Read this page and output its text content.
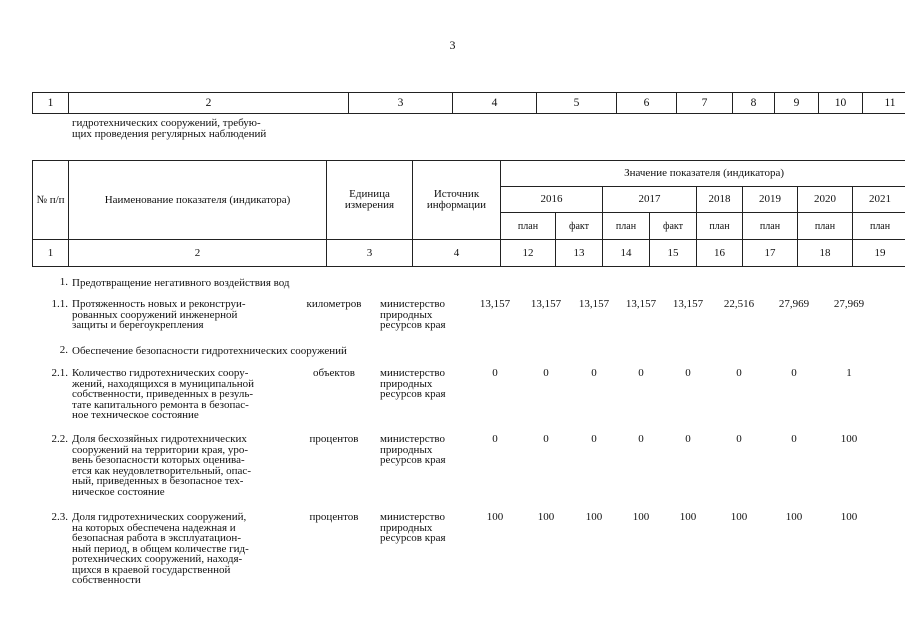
3
1	2	3	4	5	6	7	8	9	10	11
гидротехнических сооружений, требую-
щих проведения регулярных наблюдений
№ п/п	Наименование показателя (индикатора)	Единица измерения	Источник информации	Значение показателя (индикатора)							
				2016		2017		2018	2019	2020	2021
				план	факт	план	факт	план	план	план	план
1	2	3	4	12	13	14	15	16	17	18	19
1. Предотвращение негативного воздействия вод
1.1. Протяженность новых и реконструи-
рованных сооружений инженерной
защиты и берегоукрепления
километров	министерство
природных
ресурсов края
13,157	13,157	13,157	13,157	13,157	22,516	27,969	27,969
2. Обеспечение безопасности гидротехнических сооружений
2.1. Количество гидротехнических соору-
жений, находящихся в муниципальной
собственности, приведенных в резуль-
тате капитального ремонта в безопас-
ное техническое состояние
объектов	министерство
природных
ресурсов края
0	0	0	0	0	0	0	1
2.2. Доля бесхозяйных гидротехнических
сооружений на территории края, уро-
вень безопасности которых оценива-
ется как неудовлетворительный, опас-
ный, приведенных в безопасное тех-
ническое состояние
процентов	министерство
природных
ресурсов края
0	0	0	0	0	0	0	100
2.3. Доля гидротехнических сооружений,
на которых обеспечена надежная и
безопасная работа в эксплуатацион-
ный период, в общем количестве гид-
ротехнических сооружений, находя-
щихся в краевой государственной
собственности
процентов	министерство
природных
ресурсов края
100	100	100	100	100	100	100	100
